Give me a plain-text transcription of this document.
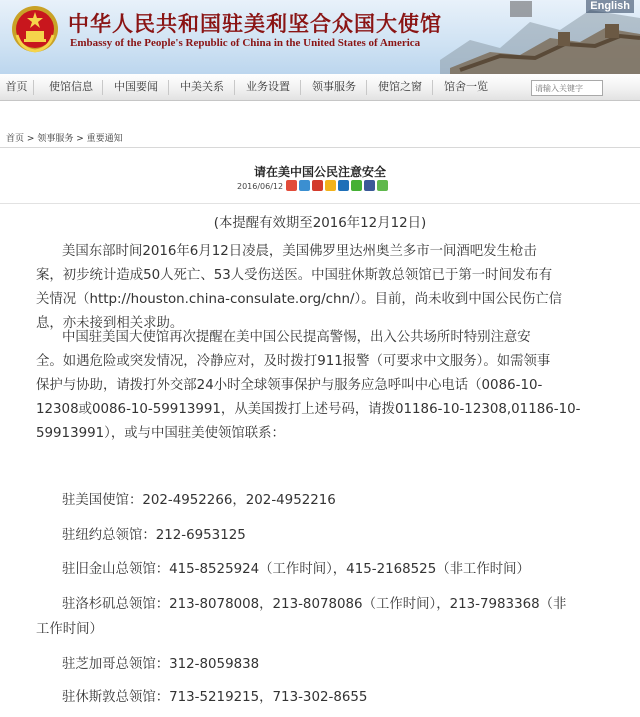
中华人民共和国驻美利坚合众国大使馆
Embassy of the People's Republic of China in the United States of America
English
首页	使馆信息	中国要闻	中美关系	业务设置	领事服务	使馆之窗	馆舍一览
请输入关键字
首页 > 领事服务 > 重要通知
请在美中国公民注意安全
2016/06/12
(本提醒有效期至2016年12月12日)
美国东部时间2016年6月12日凌晨，美国佛罗里达州奥兰多市一间酒吧发生枪击
案，初步统计造成50人死亡、53人受伤送医。中国驻休斯敦总领馆已于第一时间发布有
关情况（http://houston.china-consulate.org/chn/）。目前，尚未收到中国公民伤亡信
息，亦未接到相关求助。
中国驻美国大使馆再次提醒在美中国公民提高警惕，出入公共场所时特别注意安
全。如遇危险或突发情况，冷静应对，及时拨打911报警（可要求中文服务）。如需领事
保护与协助，请拨打外交部24小时全球领事保护与服务应急呼叫中心电话（0086-10-
12308或0086-10-59913991，从美国拨打上述号码，请拨01186-10-12308,01186-10-
59913991），或与中国驻美使领馆联系：
驻美国使馆：202-4952266，202-4952216
驻纽约总领馆：212-6953125
驻旧金山总领馆：415-8525924（工作时间），415-2168525（非工作时间）
驻洛杉矶总领馆：213-8078008，213-8078086（工作时间），213-7983368（非
工作时间）
驻芝加哥总领馆：312-8059838
驻休斯敦总领馆：713-5219215，713-302-8655
